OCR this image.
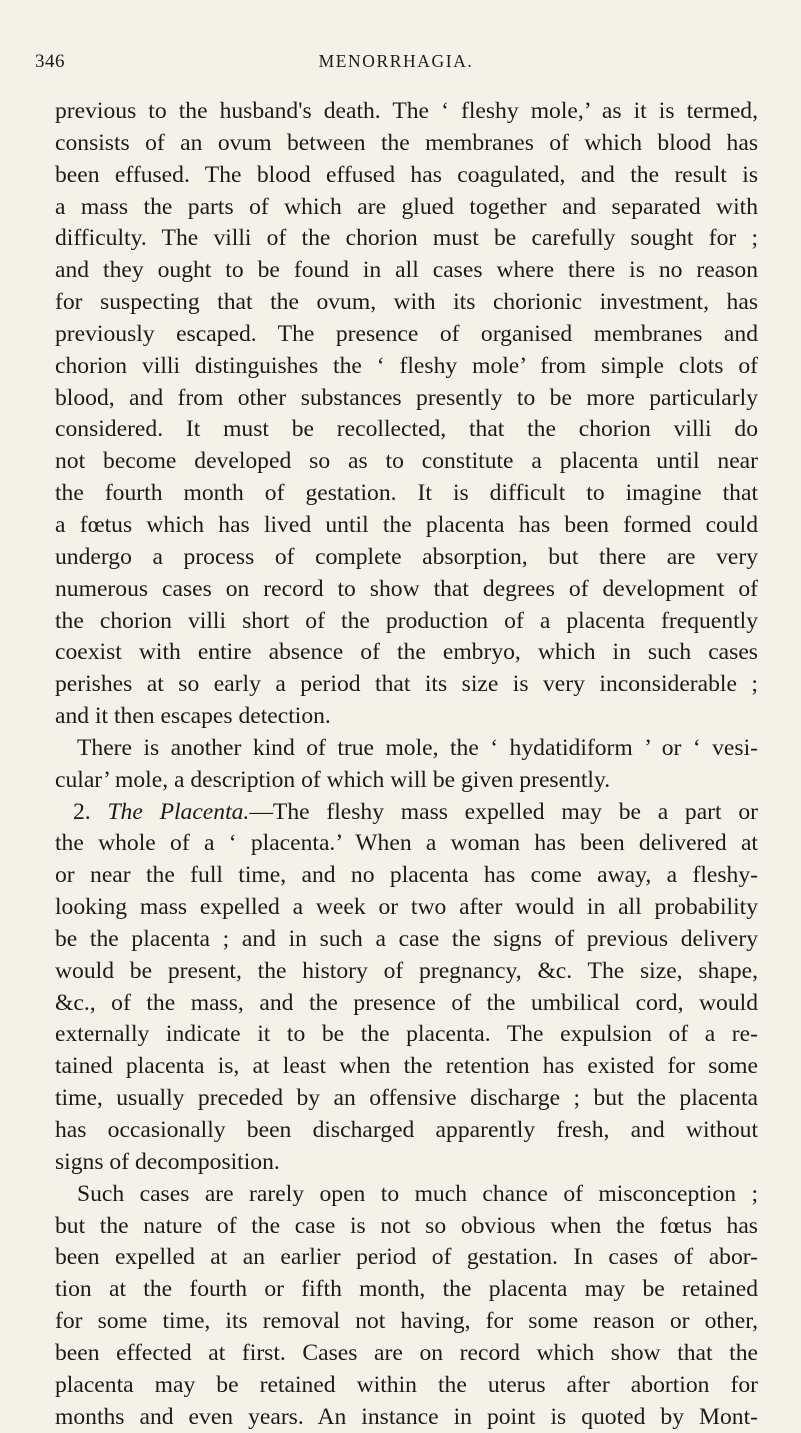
346	MENORRHAGIA.
previous to the husband's death. The ‘ fleshy mole,’ as it is termed,
consists of an ovum between the membranes of which blood has
been effused. The blood effused has coagulated, and the result is
a mass the parts of which are glued together and separated with
difficulty. The villi of the chorion must be carefully sought for ;
and they ought to be found in all cases where there is no reason
for suspecting that the ovum, with its chorionic investment, has
previously escaped. The presence of organised membranes and
chorion villi distinguishes the ‘ fleshy mole’ from simple clots of
blood, and from other substances presently to be more particularly
considered. It must be recollected, that the chorion villi do
not become developed so as to constitute a placenta until near
the fourth month of gestation. It is difficult to imagine that
a fœtus which has lived until the placenta has been formed could
undergo a process of complete absorption, but there are very
numerous cases on record to show that degrees of development of
the chorion villi short of the production of a placenta frequently
coexist with entire absence of the embryo, which in such cases
perishes at so early a period that its size is very inconsiderable ;
and it then escapes detection.
There is another kind of true mole, the ‘ hydatidiform ’ or ‘ vesi-
cular’ mole, a description of which will be given presently.
2. The Placenta.—The fleshy mass expelled may be a part or
the whole of a ‘ placenta.’ When a woman has been delivered at
or near the full time, and no placenta has come away, a fleshy-
looking mass expelled a week or two after would in all probability
be the placenta ; and in such a case the signs of previous delivery
would be present, the history of pregnancy, &c. The size, shape,
&c., of the mass, and the presence of the umbilical cord, would
externally indicate it to be the placenta. The expulsion of a re-
tained placenta is, at least when the retention has existed for some
time, usually preceded by an offensive discharge ; but the placenta
has occasionally been discharged apparently fresh, and without
signs of decomposition.
Such cases are rarely open to much chance of misconception ;
but the nature of the case is not so obvious when the fœtus has
been expelled at an earlier period of gestation. In cases of abor-
tion at the fourth or fifth month, the placenta may be retained
for some time, its removal not having, for some reason or other,
been effected at first. Cases are on record which show that the
placenta may be retained within the uterus after abortion for
months and even years. An instance in point is quoted by Mont-
